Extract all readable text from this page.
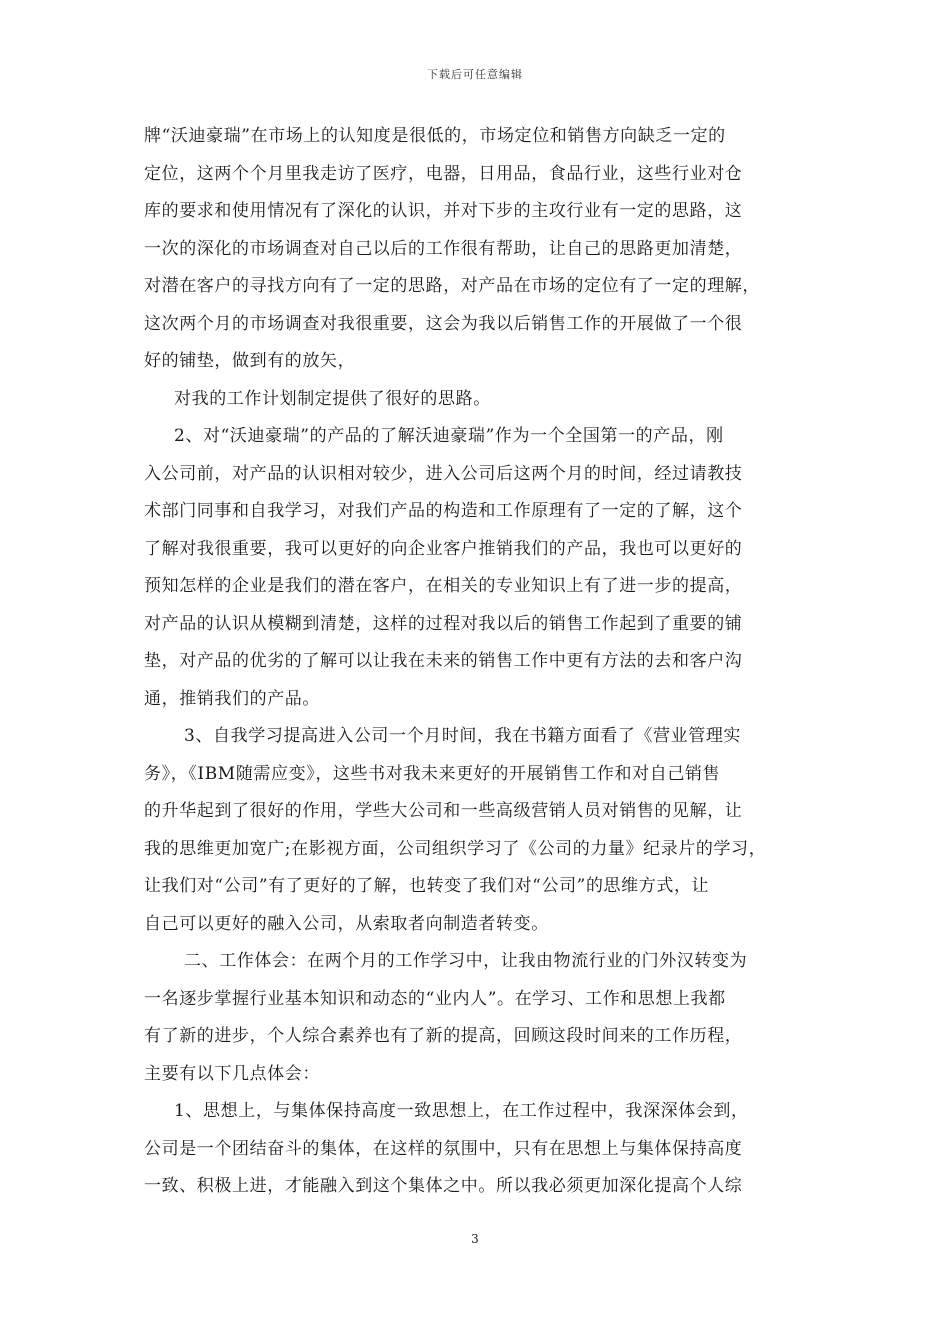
下载后可任意编辑
牌“沃迪豪瑞”在市场上的认知度是很低的，市场定位和销售方向缺乏一定的
定位，这两个个月里我走访了医疗，电器，日用品，食品行业，这些行业对仓
库的要求和使用情况有了深化的认识，并对下步的主攻行业有一定的思路，这
一次的深化的市场调查对自己以后的工作很有帮助，让自己的思路更加清楚，
对潜在客户的寻找方向有了一定的思路，对产品在市场的定位有了一定的理解，
这次两个月的市场调查对我很重要，这会为我以后销售工作的开展做了一个很
好的铺垫，做到有的放矢，
对我的工作计划制定提供了很好的思路。
2、对“沃迪豪瑞”的产品的了解沃迪豪瑞”作为一个全国第一的产品，刚
入公司前，对产品的认识相对较少，进入公司后这两个月的时间，经过请教技
术部门同事和自我学习，对我们产品的构造和工作原理有了一定的了解，这个
了解对我很重要，我可以更好的向企业客户推销我们的产品，我也可以更好的
预知怎样的企业是我们的潜在客户，在相关的专业知识上有了进一步的提高，
对产品的认识从模糊到清楚，这样的过程对我以后的销售工作起到了重要的铺
垫，对产品的优劣的了解可以让我在未来的销售工作中更有方法的去和客户沟
通，推销我们的产品。
3、自我学习提高进入公司一个月时间，我在书籍方面看了《营业管理实
务》，《IBM随需应变》，这些书对我未来更好的开展销售工作和对自己销售
的升华起到了很好的作用，学些大公司和一些高级营销人员对销售的见解，让
我的思维更加宽广;在影视方面，公司组织学习了《公司的力量》纪录片的学习，
让我们对“公司”有了更好的了解，也转变了我们对“公司”的思维方式，让
自己可以更好的融入公司，从索取者向制造者转变。
二、工作体会：在两个月的工作学习中，让我由物流行业的门外汉转变为
一名逐步掌握行业基本知识和动态的“业内人”。在学习、工作和思想上我都
有了新的进步，个人综合素养也有了新的提高，回顾这段时间来的工作历程，
主要有以下几点体会：
1、思想上，与集体保持高度一致思想上，在工作过程中，我深深体会到，
公司是一个团结奋斗的集体，在这样的氛围中，只有在思想上与集体保持高度
一致、积极上进，才能融入到这个集体之中。所以我必须更加深化提高个人综
3
